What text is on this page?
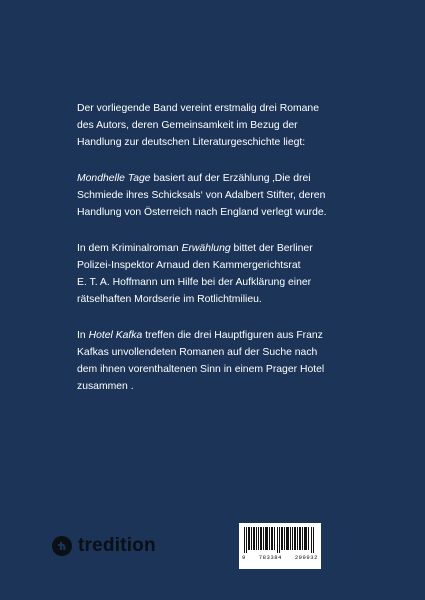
Der vorliegende Band vereint erstmalig drei Romane
des Autors, deren Gemeinsamkeit im Bezug der
Handlung zur deutschen Literaturgeschichte liegt:

Mondhelle Tage basiert auf der Erzählung ‚Die drei
Schmiede ihres Schicksals‘ von Adalbert Stifter, deren
Handlung von Österreich nach England verlegt wurde.

In dem Kriminalroman Erwählung bittet der Berliner
Polizei-Inspektor Arnaud den Kammergerichtsrat
E. T. A. Hoffmann um Hilfe bei der Aufklärung einer
rätselhaften Mordserie im Rotlichtmilieu.

In Hotel Kafka treffen die drei Hauptfiguren aus Franz
Kafkas unvollendeten Romanen auf der Suche nach
dem ihnen vorenthaltenen Sinn in einem Prager Hotel
zusammen .

tredition
9 783384 299932
